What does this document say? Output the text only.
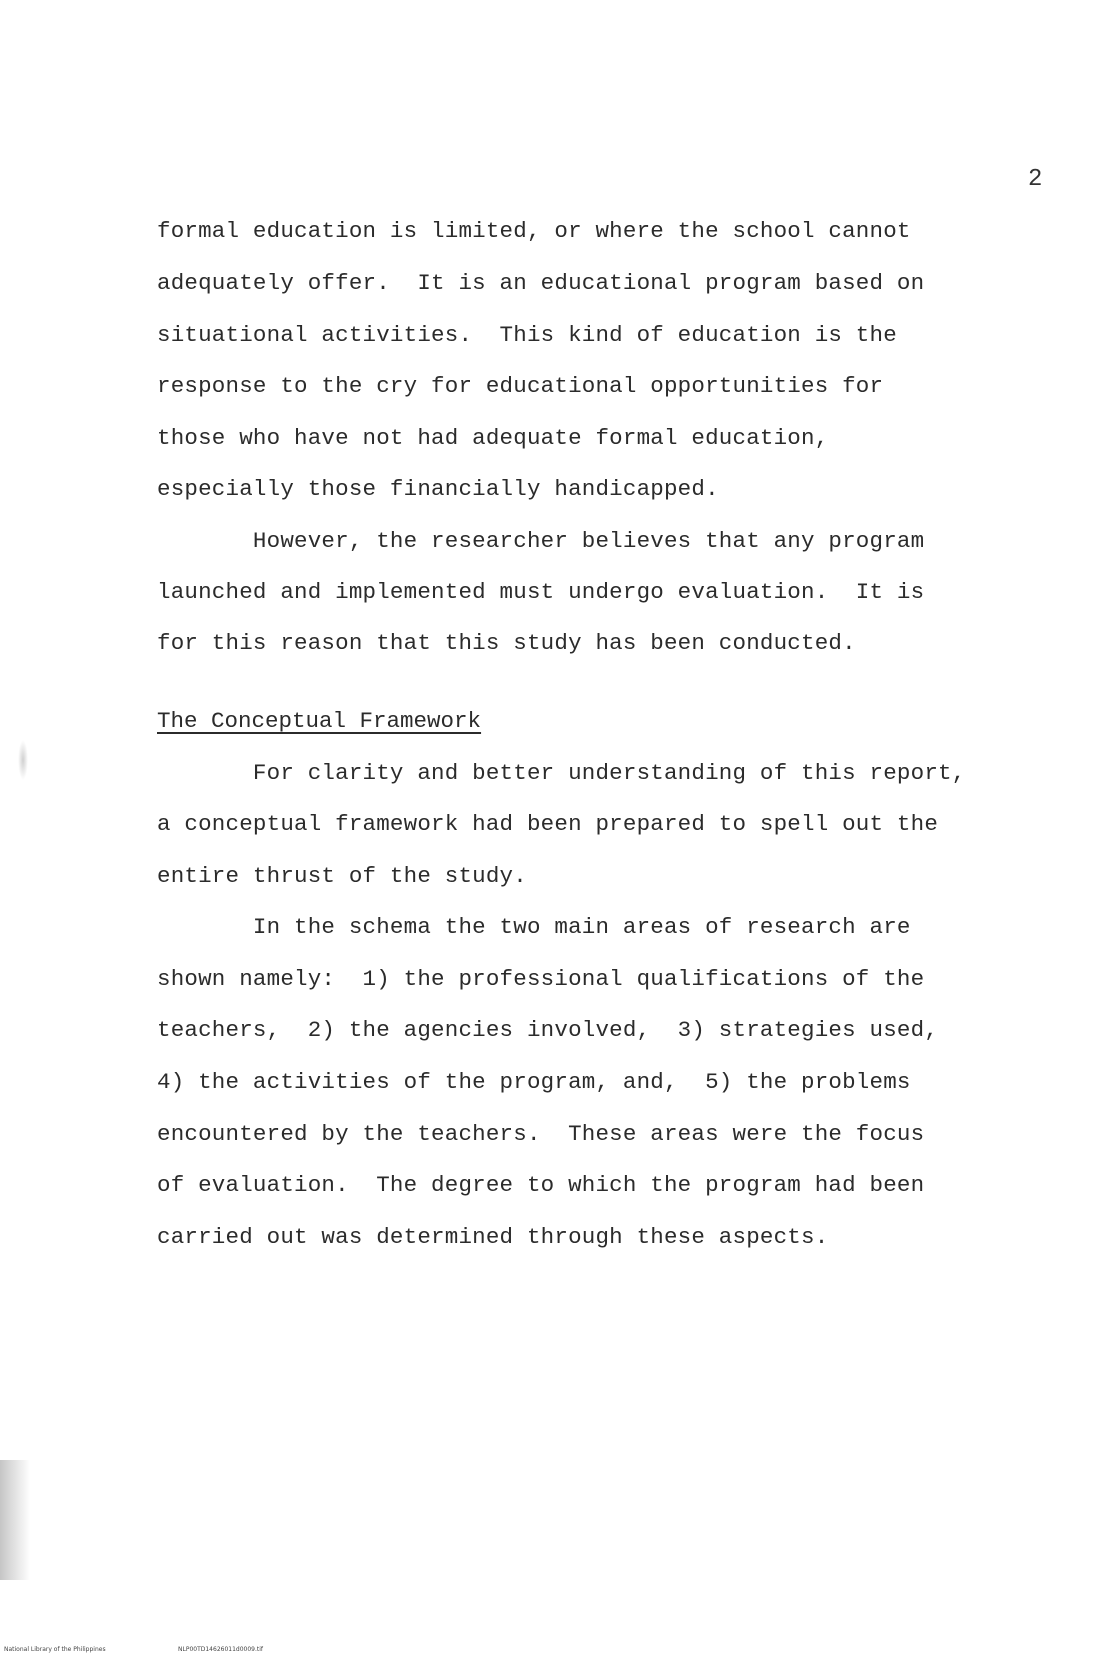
2
formal education is limited, or where the school cannot
adequately offer.  It is an educational program based on
situational activities.  This kind of education is the
response to the cry for educational opportunities for
those who have not had adequate formal education,
especially those financially handicapped.
However, the researcher believes that any program
launched and implemented must undergo evaluation.  It is
for this reason that this study has been conducted.
The Conceptual Framework
For clarity and better understanding of this report,
a conceptual framework had been prepared to spell out the
entire thrust of the study.
In the schema the two main areas of research are
shown namely:  1) the professional qualifications of the
teachers,  2) the agencies involved,  3) strategies used,
4) the activities of the program, and,  5) the problems
encountered by the teachers.  These areas were the focus
of evaluation.  The degree to which the program had been
carried out was determined through these aspects.
National Library of the Philippines	NLP00TD14626011d0009.tif
